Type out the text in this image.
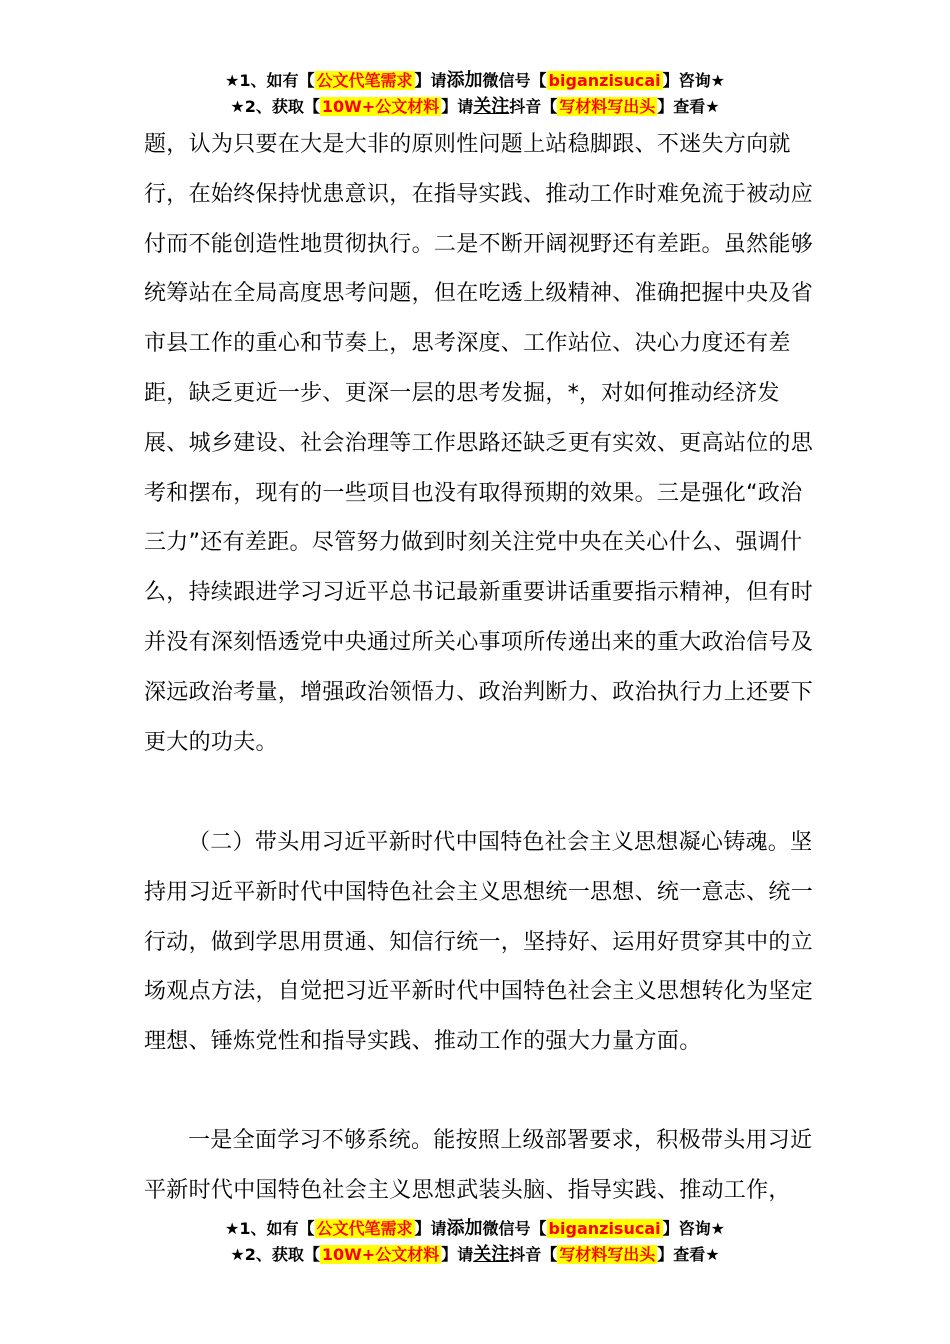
★1、如有【 公文代笔需求 】请添加微信号【 biganzisucai 】咨询★
★2、获取【 10W+公文材料 】请关注抖音【 写材料写出头 】查看★

题，认为只要在大是大非的原则性问题上站稳脚跟、不迷失方向就行，在始终保持忧患意识，在指导实践、推动工作时难免流于被动应付而不能创造性地贯彻执行。二是不断开阔视野还有差距。虽然能够统筹站在全局高度思考问题，但在吃透上级精神、准确把握中央及省市县工作的重心和节奏上，思考深度、工作站位、决心力度还有差距，缺乏更近一步、更深一层的思考发掘，*，对如何推动经济发展、城乡建设、社会治理等工作思路还缺乏更有实效、更高站位的思考和摆布，现有的一些项目也没有取得预期的效果。三是强化“政治三力”还有差距。尽管努力做到时刻关注党中央在关心什么、强调什么，持续跟进学习习近平总书记最新重要讲话重要指示精神，但有时并没有深刻悟透党中央通过所关心事项所传递出来的重大政治信号及深远政治考量，增强政治领悟力、政治判断力、政治执行力上还要下更大的功夫。

（二）带头用习近平新时代中国特色社会主义思想凝心铸魂。坚持用习近平新时代中国特色社会主义思想统一思想、统一意志、统一行动，做到学思用贯通、知信行统一，坚持好、运用好贯穿其中的立场观点方法，自觉把习近平新时代中国特色社会主义思想转化为坚定理想、锤炼党性和指导实践、推动工作的强大力量方面。

一是全面学习不够系统。能按照上级部署要求，积极带头用习近平新时代中国特色社会主义思想武装头脑、指导实践、推动工作，

★1、如有【 公文代笔需求 】请添加微信号【 biganzisucai 】咨询★
★2、获取【 10W+公文材料 】请关注抖音【 写材料写出头 】查看★
